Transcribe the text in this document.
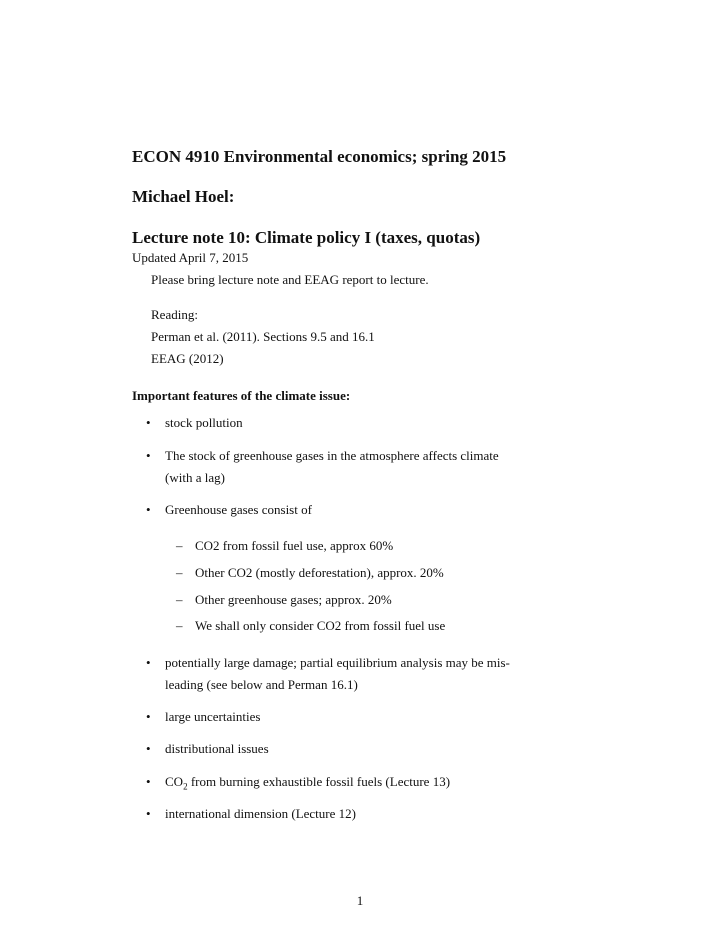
ECON 4910 Environmental economics; spring 2015
Michael Hoel:
Lecture note 10: Climate policy I (taxes, quotas)
Updated April 7, 2015
Please bring lecture note and EEAG report to lecture.
Reading:
Perman et al. (2011). Sections 9.5 and 16.1
EEAG (2012)
Important features of the climate issue:
• stock pollution
• The stock of greenhouse gases in the atmosphere affects climate
(with a lag)
• Greenhouse gases consist of
– CO2 from fossil fuel use, approx 60%
– Other CO2 (mostly deforestation), approx. 20%
– Other greenhouse gases; approx. 20%
– We shall only consider CO2 from fossil fuel use
• potentially large damage; partial equilibrium analysis may be mis-
leading (see below and Perman 16.1)
• large uncertainties
• distributional issues
• $CO_2$ from burning exhaustible fossil fuels (Lecture 13)
• international dimension (Lecture 12)
1
